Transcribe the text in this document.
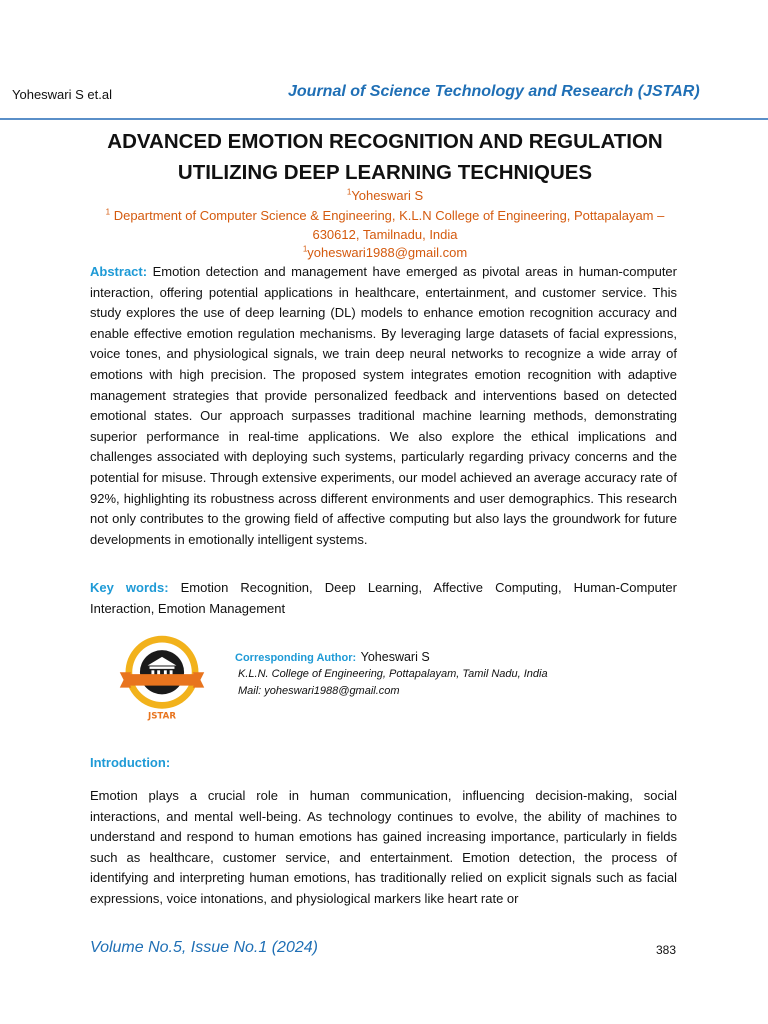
Yoheswari S et.al	Journal of Science Technology and Research (JSTAR)
ADVANCED EMOTION RECOGNITION AND REGULATION
UTILIZING DEEP LEARNING TECHNIQUES
$^1$Yoheswari S
$^1$ Department of Computer Science & Engineering, K.L.N College of Engineering, Pottapalayam –
630612, Tamilnadu, India
$^1$yoheswari1988@gmail.com
Abstract: Emotion detection and management have emerged as pivotal areas in human-computer interaction, offering potential applications in healthcare, entertainment, and customer service. This study explores the use of deep learning (DL) models to enhance emotion recognition accuracy and enable effective emotion regulation mechanisms. By leveraging large datasets of facial expressions, voice tones, and physiological signals, we train deep neural networks to recognize a wide array of emotions with high precision. The proposed system integrates emotion recognition with adaptive management strategies that provide personalized feedback and interventions based on detected emotional states. Our approach surpasses traditional machine learning methods, demonstrating superior performance in real-time applications. We also explore the ethical implications and challenges associated with deploying such systems, particularly regarding privacy concerns and the potential for misuse. Through extensive experiments, our model achieved an average accuracy rate of 92%, highlighting its robustness across different environments and user demographics. This research not only contributes to the growing field of affective computing but also lays the groundwork for future developments in emotionally intelligent systems.
Key words: Emotion Recognition, Deep Learning, Affective Computing, Human-Computer Interaction, Emotion Management
JSTAR
Corresponding Author: Yoheswari S
K.L.N. College of Engineering, Pottapalayam, Tamil Nadu, India
Mail: yoheswari1988@gmail.com
Introduction:
Emotion plays a crucial role in human communication, influencing decision-making, social interactions, and mental well-being. As technology continues to evolve, the ability of machines to understand and respond to human emotions has gained increasing importance, particularly in fields such as healthcare, customer service, and entertainment. Emotion detection, the process of identifying and interpreting human emotions, has traditionally relied on explicit signals such as facial expressions, voice intonations, and physiological markers like heart rate or
Volume No.5, Issue No.1 (2024)	383
